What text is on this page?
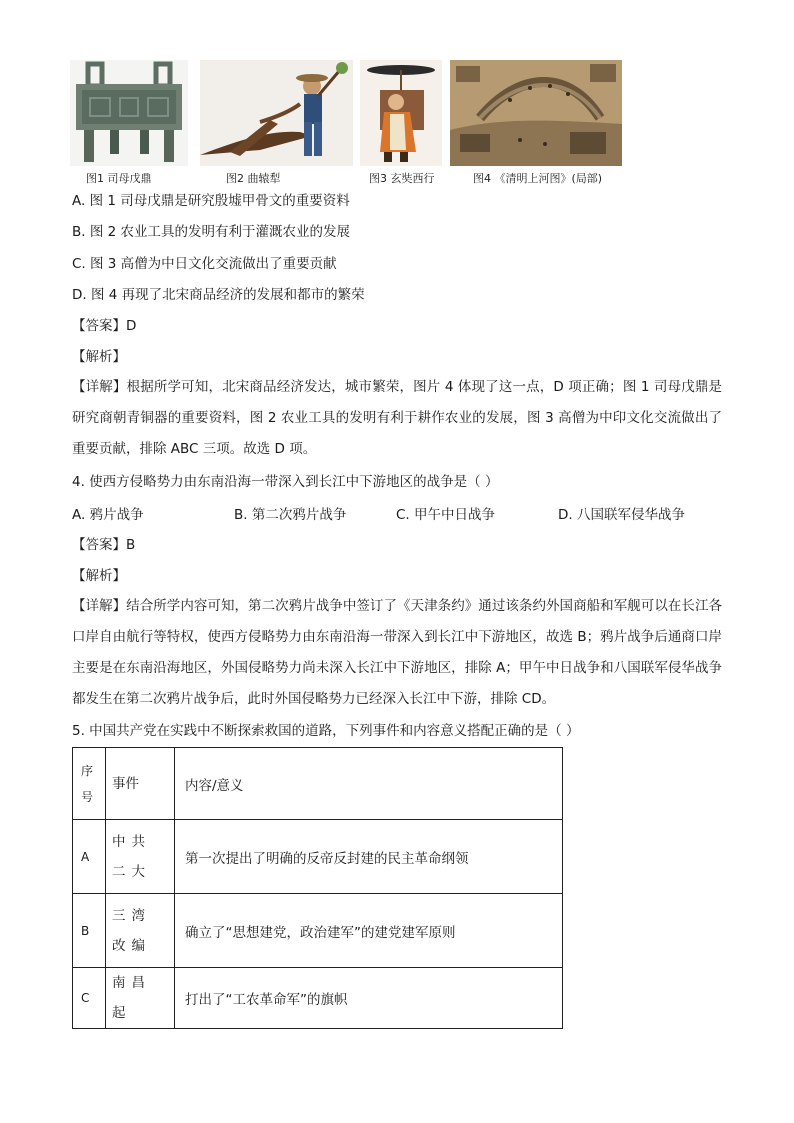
图1 司母戊鼎	图2 曲辕犁	图3 玄奘西行	图4 《清明上河图》(局部)
A. 图 1 司母戊鼎是研究殷墟甲骨文的重要资料
B. 图 2 农业工具的发明有利于灌溉农业的发展
C. 图 3 高僧为中日文化交流做出了重要贡献
D. 图 4 再现了北宋商品经济的发展和都市的繁荣
【答案】D
【解析】
【详解】根据所学可知，北宋商品经济发达，城市繁荣，图片 4 体现了这一点，D 项正确；图 1 司母戊鼎是研究商朝青铜器的重要资料，图 2 农业工具的发明有利于耕作农业的发展，图 3 高僧为中印文化交流做出了重要贡献，排除 ABC 三项。故选 D 项。
4. 使西方侵略势力由东南沿海一带深入到长江中下游地区的战争是（ ）
A. 鸦片战争	B. 第二次鸦片战争	C. 甲午中日战争	D. 八国联军侵华战争
【答案】B
【解析】
【详解】结合所学内容可知，第二次鸦片战争中签订了《天津条约》通过该条约外国商船和军舰可以在长江各口岸自由航行等特权，使西方侵略势力由东南沿海一带深入到长江中下游地区，故选 B；鸦片战争后通商口岸主要是在东南沿海地区，外国侵略势力尚未深入长江中下游地区，排除 A；甲午中日战争和八国联军侵华战争都发生在第二次鸦片战争后，此时外国侵略势力已经深入长江中下游，排除 CD。
5. 中国共产党在实践中不断探索救国的道路，下列事件和内容意义搭配正确的是（ ）
序号	事件	内容/意义
A	中共二大	第一次提出了明确的反帝反封建的民主革命纲领
B	三湾改编	确立了“思想建党，政治建军”的建党建军原则
C	南昌起	打出了“工农革命军”的旗帜
